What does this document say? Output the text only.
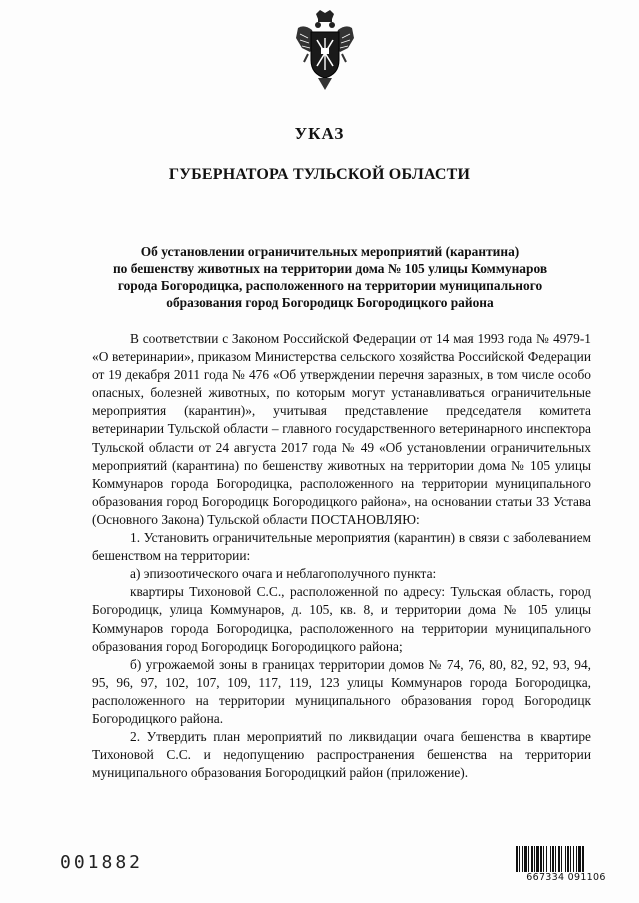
УКАЗ
ГУБЕРНАТОРА ТУЛЬСКОЙ ОБЛАСТИ
Об установлении ограничительных мероприятий (карантина)
по бешенству животных на территории дома № 105 улицы Коммунаров
города Богородицка, расположенного на территории муниципального
образования город Богородицк Богородицкого района

В соответствии с Законом Российской Федерации от 14 мая 1993 года № 4979-1 «О ветеринарии», приказом Министерства сельского хозяйства Российской Федерации от 19 декабря 2011 года № 476 «Об утверждении перечня заразных, в том числе особо опасных, болезней животных, по которым могут устанавливаться ограничительные мероприятия (карантин)», учитывая представление председателя комитета ветеринарии Тульской области – главного государственного ветеринарного инспектора Тульской области от 24 августа 2017 года № 49 «Об установлении ограничительных мероприятий (карантина) по бешенству животных на территории дома № 105 улицы Коммунаров города Богородицка, расположенного на территории муниципального образования город Богородицк Богородицкого района», на основании статьи 33 Устава (Основного Закона) Тульской области ПОСТАНОВЛЯЮ:

1. Установить ограничительные мероприятия (карантин) в связи с заболеванием бешенством на территории:

а) эпизоотического очага и неблагополучного пункта:

квартиры Тихоновой С.С., расположенной по адресу: Тульская область, город Богородицк, улица Коммунаров, д. 105, кв. 8, и территории дома № 105 улицы Коммунаров города Богородицка, расположенного на территории муниципального образования город Богородицк Богородицкого района;

б) угрожаемой зоны в границах территории домов № 74, 76, 80, 82, 92, 93, 94, 95, 96, 97, 102, 107, 109, 117, 119, 123 улицы Коммунаров города Богородицка, расположенного на территории муниципального образования город Богородицк Богородицкого района.

2. Утвердить план мероприятий по ликвидации очага бешенства в квартире Тихоновой С.С. и недопущению распространения бешенства на территории муниципального образования Богородицкий район (приложение).

001882
667334 091106
